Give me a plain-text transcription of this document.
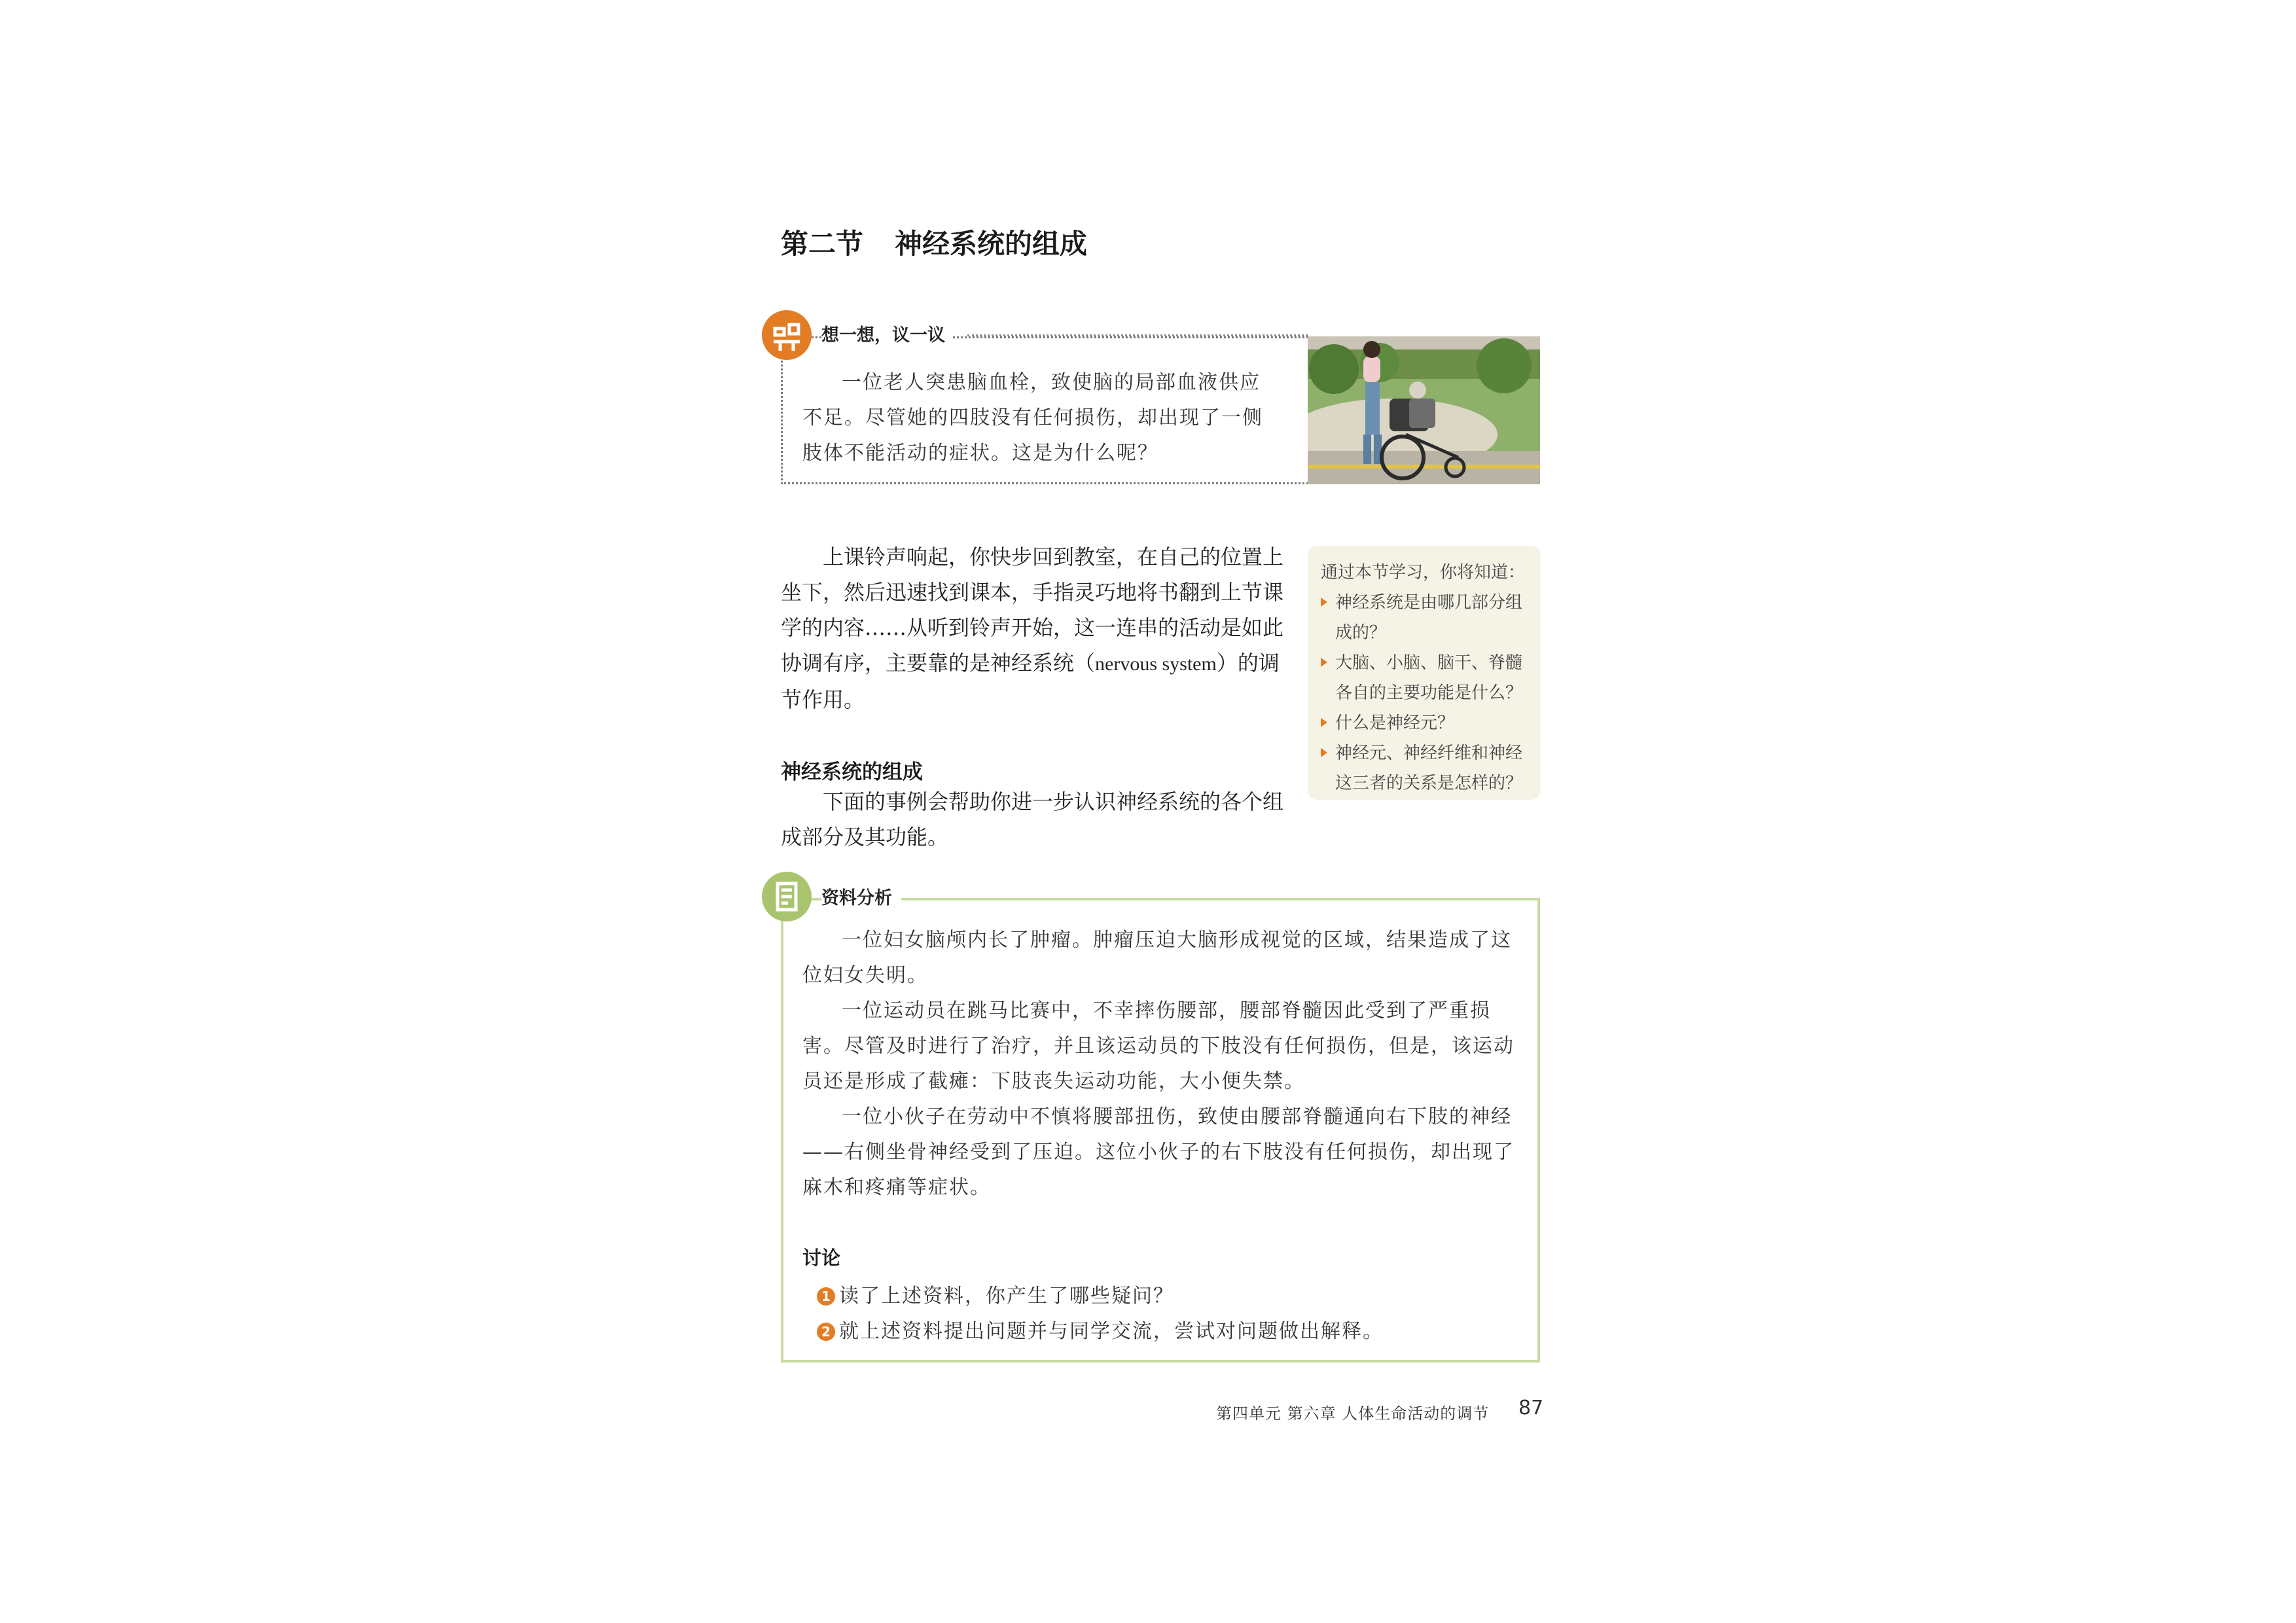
第二节 神经系统的组成
想一想，议一议

一位老人突患脑血栓，致使脑的局部血液供应不足。尽管她的四肢没有任何损伤，却出现了一侧肢体不能活动的症状。这是为什么呢？

上课铃声响起，你快步回到教室，在自己的位置上坐下，然后迅速找到课本，手指灵巧地将书翻到上节课学的内容……从听到铃声开始，这一连串的活动是如此协调有序，主要靠的是神经系统（nervous system）的调节作用。

神经系统的组成

下面的事例会帮助你进一步认识神经系统的各个组成部分及其功能。

通过本节学习，你将知道：

神经系统是由哪几部分组成的？
大脑、小脑、脑干、脊髓各自的主要功能是什么？
什么是神经元？
神经元、神经纤维和神经这三者的关系是怎样的？
资料分析

一位妇女脑颅内长了肿瘤。肿瘤压迫大脑形成视觉的区域，结果造成了这位妇女失明。

一位运动员在跳马比赛中，不幸摔伤腰部，腰部脊髓因此受到了严重损害。尽管及时进行了治疗，并且该运动员的下肢没有任何损伤，但是，该运动员还是形成了截瘫：下肢丧失运动功能，大小便失禁。

一位小伙子在劳动中不慎将腰部扭伤，致使由腰部脊髓通向右下肢的神经——右侧坐骨神经受到了压迫。这位小伙子的右下肢没有任何损伤，却出现了麻木和疼痛等症状。

讨论
1 读了上述资料，你产生了哪些疑问？
2 就上述资料提出问题并与同学交流，尝试对问题做出解释。
第四单元 第六章 人体生命活动的调节 87
